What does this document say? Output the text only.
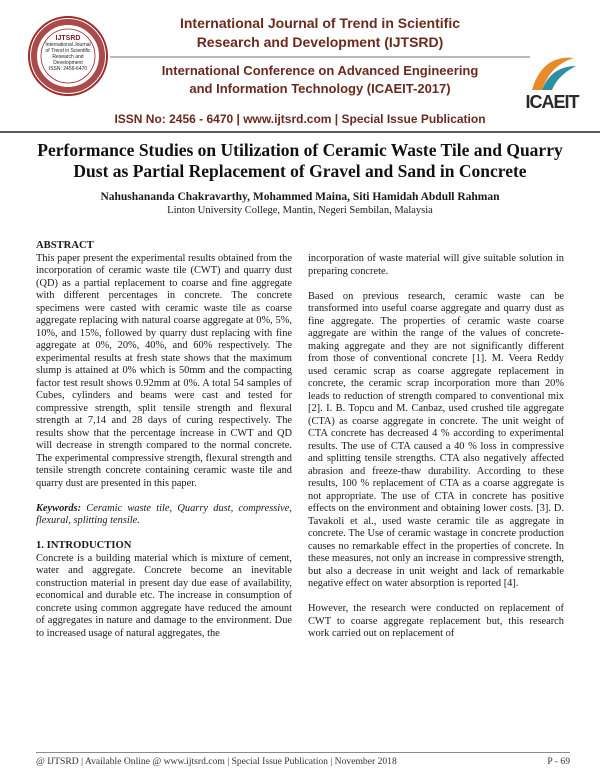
IJTSRD
International Journal
of Trend in Scientific
Research and
Development
ISSN: 2456-6470
International Journal of Trend in Scientific
Research and Development (IJTSRD)
International Conference on Advanced Engineering
and Information Technology (ICAEIT-2017)
ICAEIT
ISSN No: 2456 - 6470 | www.ijtsrd.com | Special Issue Publication
Performance Studies on Utilization of Ceramic Waste Tile and Quarry Dust as Partial Replacement of Gravel and Sand in Concrete
Nahushananda Chakravarthy, Mohammed Maina, Siti Hamidah Abdull Rahman
Linton University College, Mantin, Negeri Sembilan, Malaysia
ABSTRACT

This paper present the experimental results obtained from the incorporation of ceramic waste tile (CWT) and quarry dust (QD) as a partial replacement to coarse and fine aggregate with different percentages in concrete. The concrete specimens were casted with ceramic waste tile as coarse aggregate replacing with natural coarse aggregate at 0%, 5%, 10%, and 15%, followed by quarry dust replacing with fine aggregate at 0%, 20%, 40%, and 60% respectively. The experimental results at fresh state shows that the maximum slump is attained at 0% which is 50mm and the compacting factor test result shows 0.92mm at 0%. A total 54 samples of Cubes, cylinders and beams were cast and tested for compressive strength, split tensile strength and flexural strength at 7,14 and 28 days of curing respectively. The results show that the percentage increase in CWT and QD will decrease in strength compared to the normal concrete. The experimental compressive strength, flexural strength and tensile strength concrete containing ceramic waste tile and quarry dust are presented in this paper.

Keywords: Ceramic waste tile, Quarry dust, compressive, flexural, splitting tensile.

1. INTRODUCTION

Concrete is a building material which is mixture of cement, water and aggregate. Concrete become an inevitable construction material in present day due ease of availability, economical and durable etc. The increase in consumption of concrete using common aggregate have reduced the amount of aggregates in nature and damage to the environment. Due to increased usage of natural aggregates, the

incorporation of waste material will give suitable solution in preparing concrete.

Based on previous research, ceramic waste can be transformed into useful coarse aggregate and quarry dust as fine aggregate. The properties of ceramic waste coarse aggregate are within the range of the values of concrete-making aggregate and they are not significantly different from those of conventional concrete [1]. M. Veera Reddy used ceramic scrap as coarse aggregate replacement in concrete, the ceramic scrap incorporation more than 20% leads to reduction of strength compared to conventional mix [2]. I. B. Topcu and M. Canbaz, used crushed tile aggregate (CTA) as coarse aggregate in concrete. The unit weight of CTA concrete has decreased 4 % according to experimental results. The use of CTA caused a 40 % loss in compressive and splitting tensile strengths. CTA also negatively affected abrasion and freeze-thaw durability. According to these results, 100 % replacement of CTA as a coarse aggregate is not appropriate. The use of CTA in concrete has positive effects on the environment and obtaining lower costs. [3]. D. Tavakoli et al., used waste ceramic tile as aggregate in concrete. The Use of ceramic wastage in concrete production causes no remarkable effect in the properties of concrete. In these measures, not only an increase in compressive strength, but also a decrease in unit weight and lack of remarkable negative effect on water absorption is reported [4].

However, the research were conducted on replacement of CWT to coarse aggregate replacement but, this research work carried out on replacement of

@ IJTSRD | Available Online @ www.ijtsrd.com | Special Issue Publication | November 2018	P - 69
